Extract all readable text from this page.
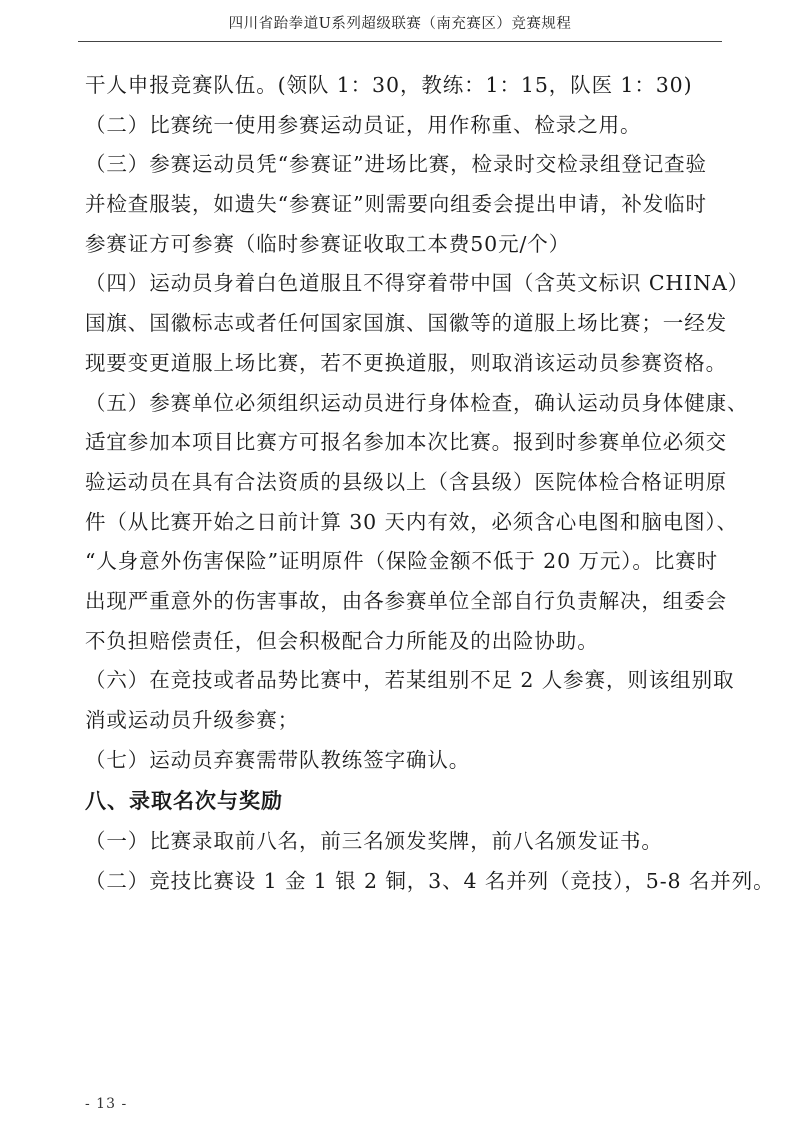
四川省跆拳道U系列超级联赛（南充赛区）竞赛规程
干人申报竞赛队伍。(领队 1：30，教练：1：15，队医 1：30)
（二）比赛统一使用参赛运动员证，用作称重、检录之用。
（三）参赛运动员凭“参赛证”进场比赛，检录时交检录组登记查验
并检查服装，如遗失“参赛证”则需要向组委会提出申请，补发临时
参赛证方可参赛（临时参赛证收取工本费50元/个）
（四）运动员身着白色道服且不得穿着带中国（含英文标识 CHINA）
国旗、国徽标志或者任何国家国旗、国徽等的道服上场比赛；一经发
现要变更道服上场比赛，若不更换道服，则取消该运动员参赛资格。
（五）参赛单位必须组织运动员进行身体检查，确认运动员身体健康、
适宜参加本项目比赛方可报名参加本次比赛。报到时参赛单位必须交
验运动员在具有合法资质的县级以上（含县级）医院体检合格证明原
件（从比赛开始之日前计算 30 天内有效，必须含心电图和脑电图）、
“人身意外伤害保险”证明原件（保险金额不低于 20 万元）。比赛时
出现严重意外的伤害事故，由各参赛单位全部自行负责解决，组委会
不负担赔偿责任，但会积极配合力所能及的出险协助。
（六）在竞技或者品势比赛中，若某组别不足 2 人参赛，则该组别取
消或运动员升级参赛；
（七）运动员弃赛需带队教练签字确认。
八、录取名次与奖励
（一）比赛录取前八名，前三名颁发奖牌，前八名颁发证书。
（二）竞技比赛设 1 金 1 银 2 铜，3、4 名并列（竞技），5-8 名并列。
- 13 -
